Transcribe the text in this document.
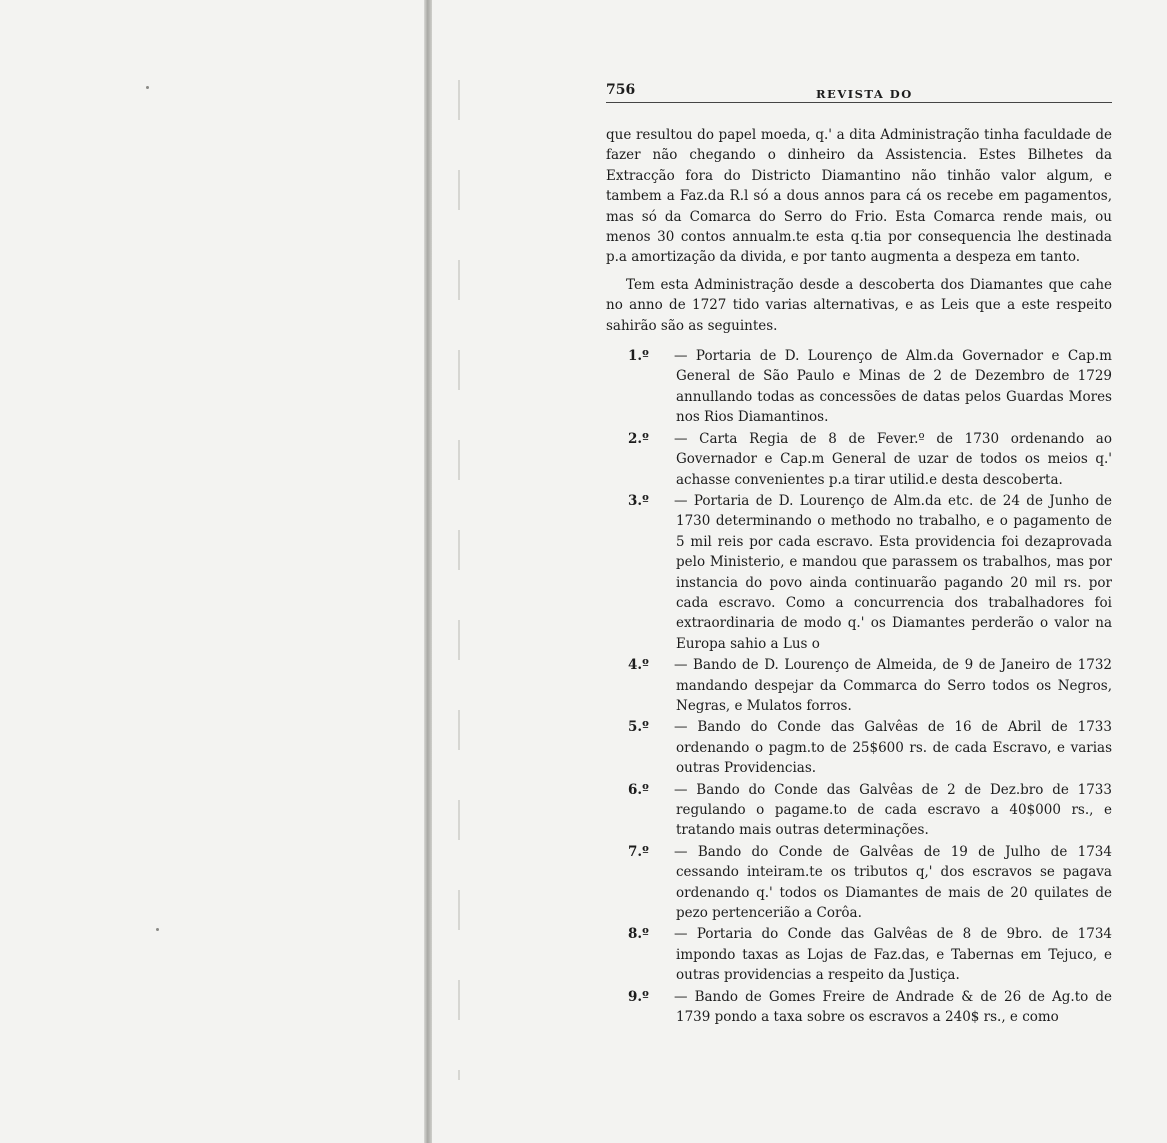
756	REVISTA DO

que resultou do papel moeda, q.' a dita Administração tinha faculdade de fazer não chegando o dinheiro da Assistencia. Estes Bilhetes da Extracção fora do Districto Diamantino não tinhão valor algum, e tambem a Faz.da R.l só a dous annos para cá os recebe em pagamentos, mas só da Comarca do Serro do Frio. Esta Comarca rende mais, ou menos 30 contos annualm.te esta q.tia por consequencia lhe destinada p.a amortização da divida, e por tanto augmenta a despeza em tanto.

Tem esta Administração desde a descoberta dos Diamantes que cahe no anno de 1727 tido varias alternativas, e as Leis que a este respeito sahirão são as seguintes.

1.º — Portaria de D. Lourenço de Alm.da Governador e Cap.m General de São Paulo e Minas de 2 de Dezembro de 1729 annullando todas as concessões de datas pelos Guardas Mores nos Rios Diamantinos.
2.º — Carta Regia de 8 de Fever.º de 1730 ordenando ao Governador e Cap.m General de uzar de todos os meios q.' achasse convenientes p.a tirar utilid.e desta descoberta.
3.º — Portaria de D. Lourenço de Alm.da etc. de 24 de Junho de 1730 determinando o methodo no trabalho, e o pagamento de 5 mil reis por cada escravo. Esta providencia foi dezaprovada pelo Ministerio, e mandou que parassem os trabalhos, mas por instancia do povo ainda continuarão pagando 20 mil rs. por cada escravo. Como a concurrencia dos trabalhadores foi extraordinaria de modo q.' os Diamantes perderão o valor na Europa sahio a Lus o
4.º — Bando de D. Lourenço de Almeida, de 9 de Janeiro de 1732 mandando despejar da Commarca do Serro todos os Negros, Negras, e Mulatos forros.
5.º — Bando do Conde das Galvêas de 16 de Abril de 1733 ordenando o pagm.to de 25$600 rs. de cada Escravo, e varias outras Providencias.
6.º — Bando do Conde das Galvêas de 2 de Dez.bro de 1733 regulando o pagame.to de cada escravo a 40$000 rs., e tratando mais outras determinações.
7.º — Bando do Conde de Galvêas de 19 de Julho de 1734 cessando inteiram.te os tributos q,' dos escravos se pagava ordenando q.' todos os Diamantes de mais de 20 quilates de pezo pertencerião a Corôa.
8.º — Portaria do Conde das Galvêas de 8 de 9bro. de 1734 impondo taxas as Lojas de Faz.das, e Tabernas em Tejuco, e outras providencias a respeito da Justiça.
9.º — Bando de Gomes Freire de Andrade & de 26 de Ag.to de 1739 pondo a taxa sobre os escravos a 240$ rs., e como
